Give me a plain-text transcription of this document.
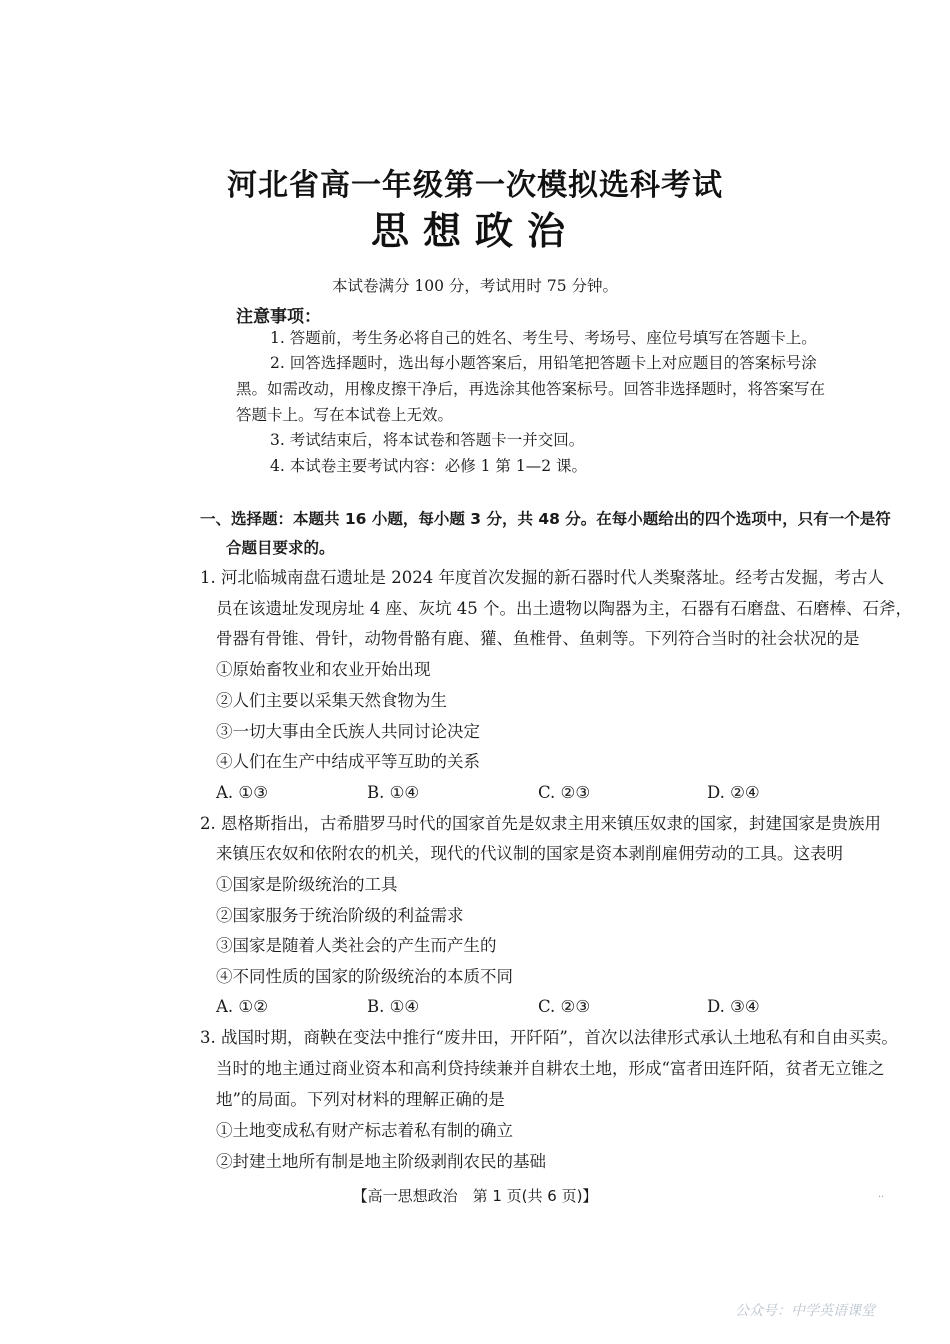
河北省高一年级第一次模拟选科考试
思想政治
本试卷满分 100 分，考试用时 75 分钟。
注意事项：
1. 答题前，考生务必将自己的姓名、考生号、考场号、座位号填写在答题卡上。
2. 回答选择题时，选出每小题答案后，用铅笔把答题卡上对应题目的答案标号涂
黑。如需改动，用橡皮擦干净后，再选涂其他答案标号。回答非选择题时，将答案写在
答题卡上。写在本试卷上无效。
3. 考试结束后，将本试卷和答题卡一并交回。
4. 本试卷主要考试内容：必修 1 第 1—2 课。
一、选择题：本题共 16 小题，每小题 3 分，共 48 分。在每小题给出的四个选项中，只有一个是符
合题目要求的。
1. 河北临城南盘石遗址是 2024 年度首次发掘的新石器时代人类聚落址。经考古发掘，考古人
员在该遗址发现房址 4 座、灰坑 45 个。出土遗物以陶器为主，石器有石磨盘、石磨棒、石斧，
骨器有骨锥、骨针，动物骨骼有鹿、獾、鱼椎骨、鱼刺等。下列符合当时的社会状况的是
①原始畜牧业和农业开始出现
②人们主要以采集天然食物为生
③一切大事由全氏族人共同讨论决定
④人们在生产中结成平等互助的关系
A. ①③	B. ①④	C. ②③	D. ②④
2. 恩格斯指出，古希腊罗马时代的国家首先是奴隶主用来镇压奴隶的国家，封建国家是贵族用
来镇压农奴和依附农的机关，现代的代议制的国家是资本剥削雇佣劳动的工具。这表明
①国家是阶级统治的工具
②国家服务于统治阶级的利益需求
③国家是随着人类社会的产生而产生的
④不同性质的国家的阶级统治的本质不同
A. ①②	B. ①④	C. ②③	D. ③④
3. 战国时期，商鞅在变法中推行“废井田，开阡陌”，首次以法律形式承认土地私有和自由买卖。
当时的地主通过商业资本和高利贷持续兼并自耕农土地，形成“富者田连阡陌，贫者无立锥之
地”的局面。下列对材料的理解正确的是
①土地变成私有财产标志着私有制的确立
②封建土地所有制是地主阶级剥削农民的基础
【高一思想政治　第 1 页(共 6 页)】	··
公众号：中学英语课堂
